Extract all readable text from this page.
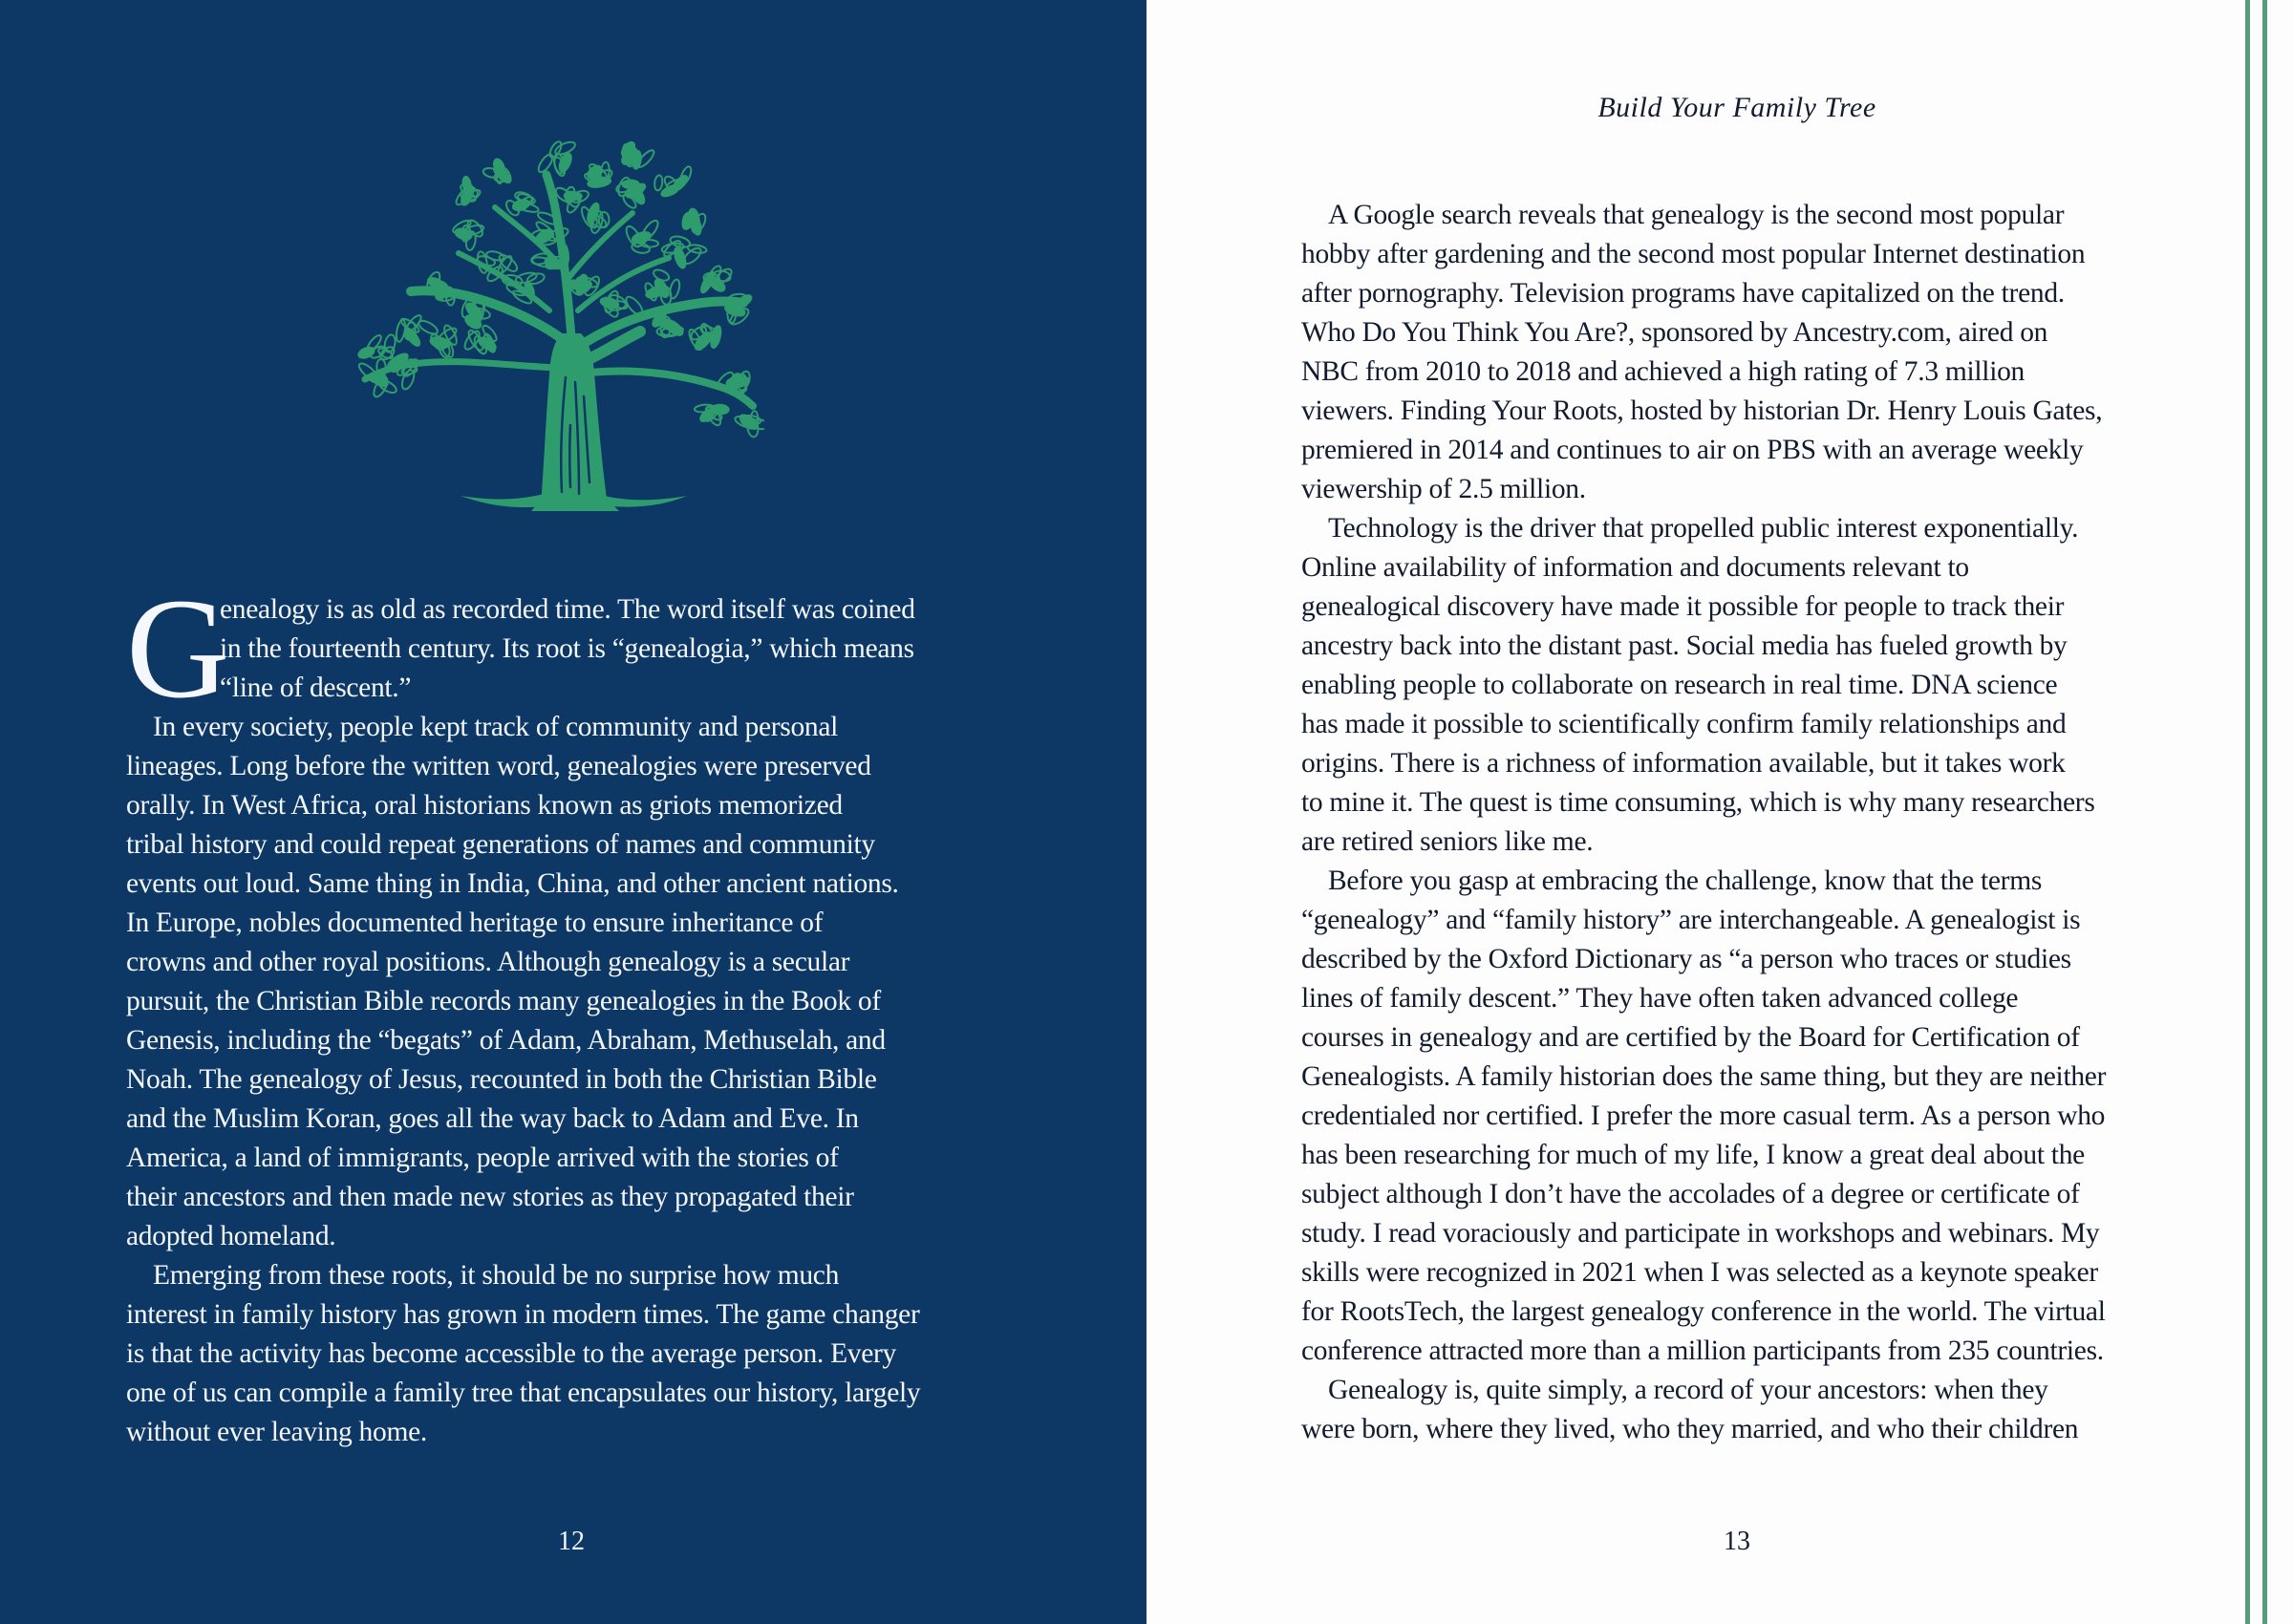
G
enealogy is as old as recorded time. The word itself was coined
in the fourteenth century. Its root is “genealogia,” which means
“line of descent.”
In every society, people kept track of community and personal
lineages. Long before the written word, genealogies were preserved
orally. In West Africa, oral historians known as griots memorized
tribal history and could repeat generations of names and community
events out loud. Same thing in India, China, and other ancient nations.
In Europe, nobles documented heritage to ensure inheritance of
crowns and other royal positions. Although genealogy is a secular
pursuit, the Christian Bible records many genealogies in the Book of
Genesis, including the “begats” of Adam, Abraham, Methuselah, and
Noah. The genealogy of Jesus, recounted in both the Christian Bible
and the Muslim Koran, goes all the way back to Adam and Eve. In
America, a land of immigrants, people arrived with the stories of
their ancestors and then made new stories as they propagated their
adopted homeland.
Emerging from these roots, it should be no surprise how much
interest in family history has grown in modern times. The game changer
is that the activity has become accessible to the average person. Every
one of us can compile a family tree that encapsulates our history, largely
without ever leaving home.
12
Build Your Family Tree
A Google search reveals that genealogy is the second most popular
hobby after gardening and the second most popular Internet destination
after pornography. Television programs have capitalized on the trend.
Who Do You Think You Are?, sponsored by Ancestry.com, aired on
NBC from 2010 to 2018 and achieved a high rating of 7.3 million
viewers. Finding Your Roots, hosted by historian Dr. Henry Louis Gates,
premiered in 2014 and continues to air on PBS with an average weekly
viewership of 2.5 million.
Technology is the driver that propelled public interest exponentially.
Online availability of information and documents relevant to
genealogical discovery have made it possible for people to track their
ancestry back into the distant past. Social media has fueled growth by
enabling people to collaborate on research in real time. DNA science
has made it possible to scientifically confirm family relationships and
origins. There is a richness of information available, but it takes work
to mine it. The quest is time consuming, which is why many researchers
are retired seniors like me.
Before you gasp at embracing the challenge, know that the terms
“genealogy” and “family history” are interchangeable. A genealogist is
described by the Oxford Dictionary as “a person who traces or studies
lines of family descent.” They have often taken advanced college
courses in genealogy and are certified by the Board for Certification of
Genealogists. A family historian does the same thing, but they are neither
credentialed nor certified. I prefer the more casual term. As a person who
has been researching for much of my life, I know a great deal about the
subject although I don’t have the accolades of a degree or certificate of
study. I read voraciously and participate in workshops and webinars. My
skills were recognized in 2021 when I was selected as a keynote speaker
for RootsTech, the largest genealogy conference in the world. The virtual
conference attracted more than a million participants from 235 countries.
Genealogy is, quite simply, a record of your ancestors: when they
were born, where they lived, who they married, and who their children
13
